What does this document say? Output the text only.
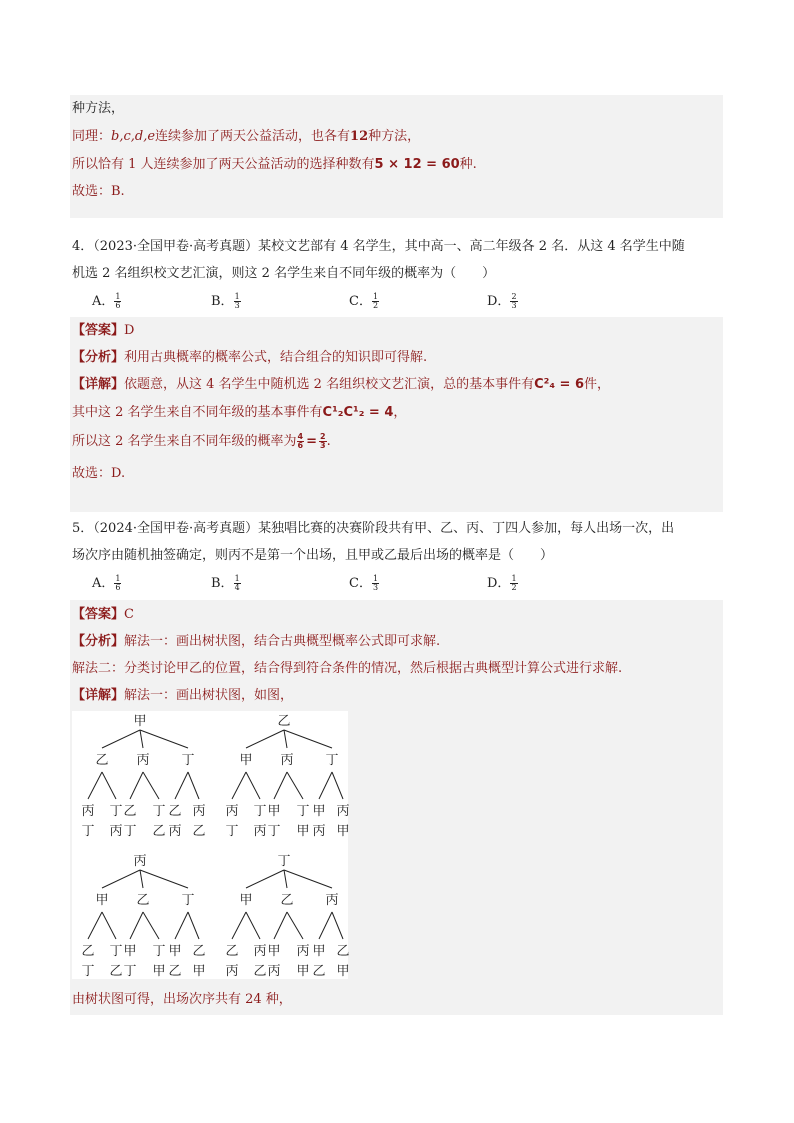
种方法，
同理：b,c,d,e连续参加了两天公益活动，也各有12种方法，
所以恰有 1 人连续参加了两天公益活动的选择种数有5 × 12 = 60种.
故选：B.
4．（2023·全国甲卷·高考真题）某校文艺部有 4 名学生，其中高一、高二年级各 2 名．从这 4 名学生中随
机选 2 名组织校文艺汇演，则这 2 名学生来自不同年级的概率为（　　）
A． $\frac{1}{6}$	B． $\frac{1}{3}$	C． $\frac{1}{2}$	D． $\frac{2}{3}$
【答案】D
【分析】利用古典概率的概率公式，结合组合的知识即可得解.
【详解】依题意，从这 4 名学生中随机选 2 名组织校文艺汇演，总的基本事件有C²₄ = 6件，
其中这 2 名学生来自不同年级的基本事件有C¹₂C¹₂ = 4，
所以这 2 名学生来自不同年级的概率为 $\frac{4}{6} = \frac{2}{3}$ .
故选：D.
5．（2024·全国甲卷·高考真题）某独唱比赛的决赛阶段共有甲、乙、丙、丁四人参加，每人出场一次，出
场次序由随机抽签确定，则丙不是第一个出场，且甲或乙最后出场的概率是（　　）
A． $\frac{1}{6}$	B． $\frac{1}{4}$	C． $\frac{1}{3}$	D． $\frac{1}{2}$
【答案】C
【分析】解法一：画出树状图，结合古典概型概率公式即可求解.
解法二：分类讨论甲乙的位置，结合得到符合条件的情况，然后根据古典概型计算公式进行求解.
【详解】解法一：画出树状图，如图，
甲
乙
丙
丁
丁
丙
丙
乙
丁
丁
乙
丁
乙
丙
丙
乙
乙
甲
丙
丁
丁
丙
丙
甲
丁
丁
甲
丁
甲
丙
丙
甲
丙
甲
乙
丁
丁
乙
乙
甲
丁
丁
甲
丁
甲
乙
乙
甲
丁
甲
乙
丙
丙
乙
乙
甲
丙
丙
甲
丙
甲
乙
乙
甲
由树状图可得，出场次序共有 24 种，
